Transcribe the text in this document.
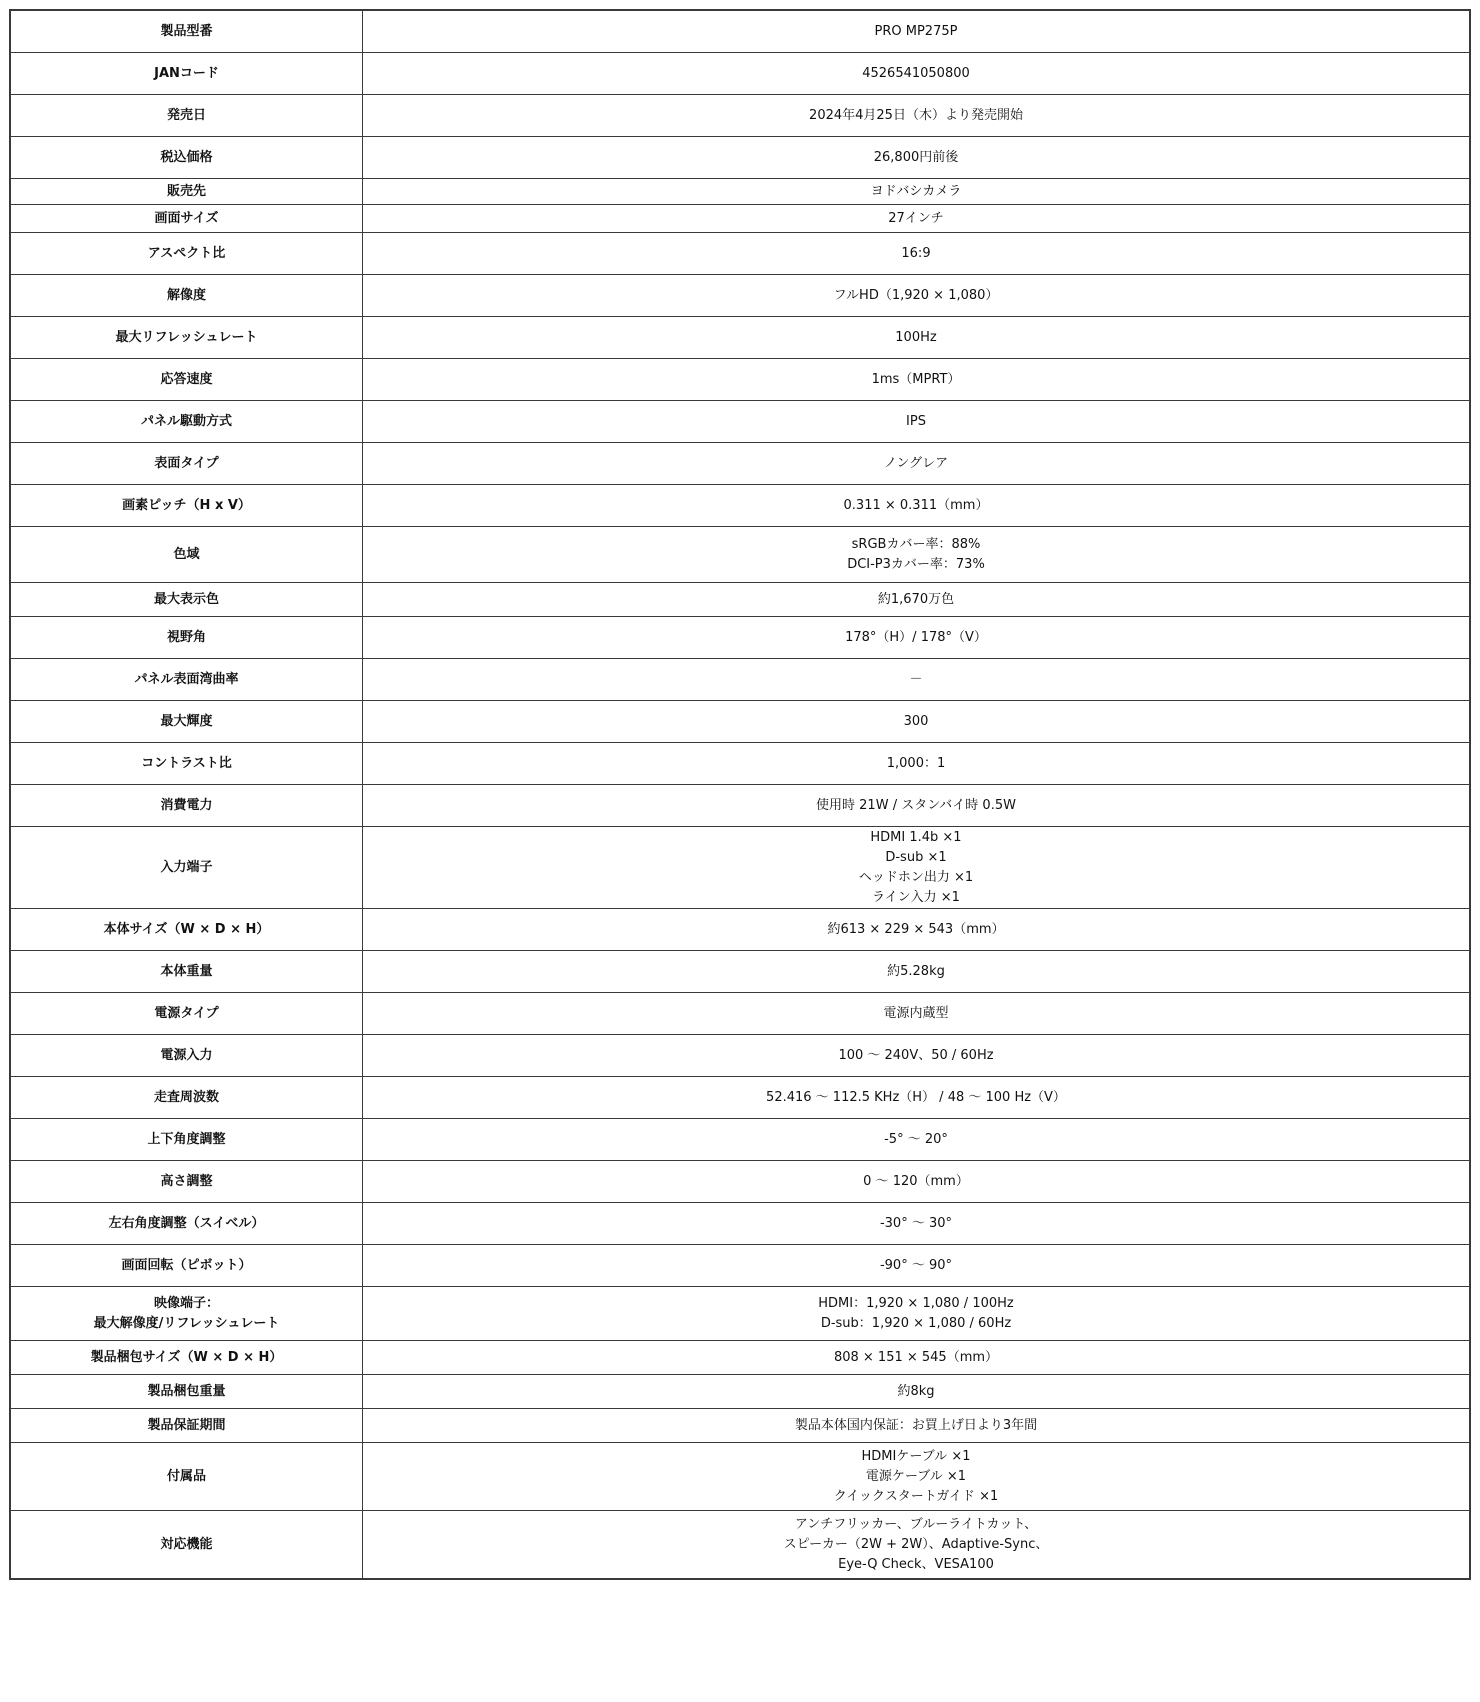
製品型番	PRO MP275P

JANコード	4526541050800

発売日	2024年4月25日（木）より発売開始

税込価格	26,800円前後

販売先	ヨドバシカメラ

画面サイズ	27インチ

アスペクト比	16:9

解像度	フルHD（1,920 × 1,080）

最大リフレッシュレート	100Hz

応答速度	1ms（MPRT）

パネル駆動方式	IPS

表面タイプ	ノングレア

画素ピッチ（H x V）	0.311 × 0.311（mm）

色域	sRGBカバー率：88%
DCI-P3カバー率：73%

最大表示色	約1,670万色

視野角	178°（H）/ 178°（V）

パネル表面湾曲率	－

最大輝度	300

コントラスト比	1,000：1

消費電力	使用時 21W / スタンバイ時 0.5W

入力端子	HDMI 1.4b ×1
D-sub ×1
ヘッドホン出力 ×1
ライン入力 ×1

本体サイズ（W × D × H）	約613 × 229 × 543（mm）

本体重量	約5.28kg

電源タイプ	電源内蔵型

電源入力	100 ～ 240V、50 / 60Hz

走査周波数	52.416 ～ 112.5 KHz（H） / 48 ～ 100 Hz（V）

上下角度調整	-5° ～ 20°

高さ調整	0 ～ 120（mm）

左右角度調整（スイベル）	-30° ～ 30°

画面回転（ピボット）	-90° ～ 90°

映像端子：
最大解像度/リフレッシュレート	HDMI：1,920 × 1,080 / 100Hz
D-sub：1,920 × 1,080 / 60Hz

製品梱包サイズ（W × D × H）	808 × 151 × 545（mm）

製品梱包重量	約8kg

製品保証期間	製品本体国内保証：お買上げ日より3年間

付属品	HDMIケーブル ×1
電源ケーブル ×1
クイックスタートガイド ×1

対応機能	アンチフリッカー、ブルーライトカット、
スピーカー（2W + 2W）、Adaptive-Sync、
Eye-Q Check、VESA100
